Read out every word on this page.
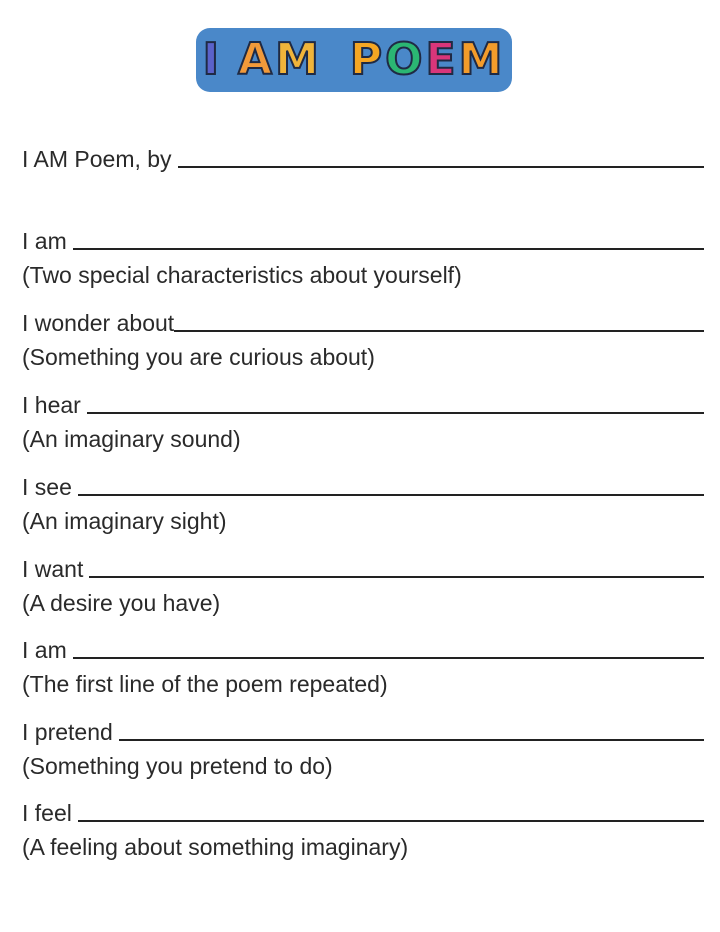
I A M P O E M
I AM Poem, by
I am
(Two special characteristics about yourself)
I wonder about
(Something you are curious about)
I hear
(An imaginary sound)
I see
(An imaginary sight)
I want
(A desire you have)
I am
(The first line of the poem repeated)
I pretend
(Something you pretend to do)
I feel
(A feeling about something imaginary)
